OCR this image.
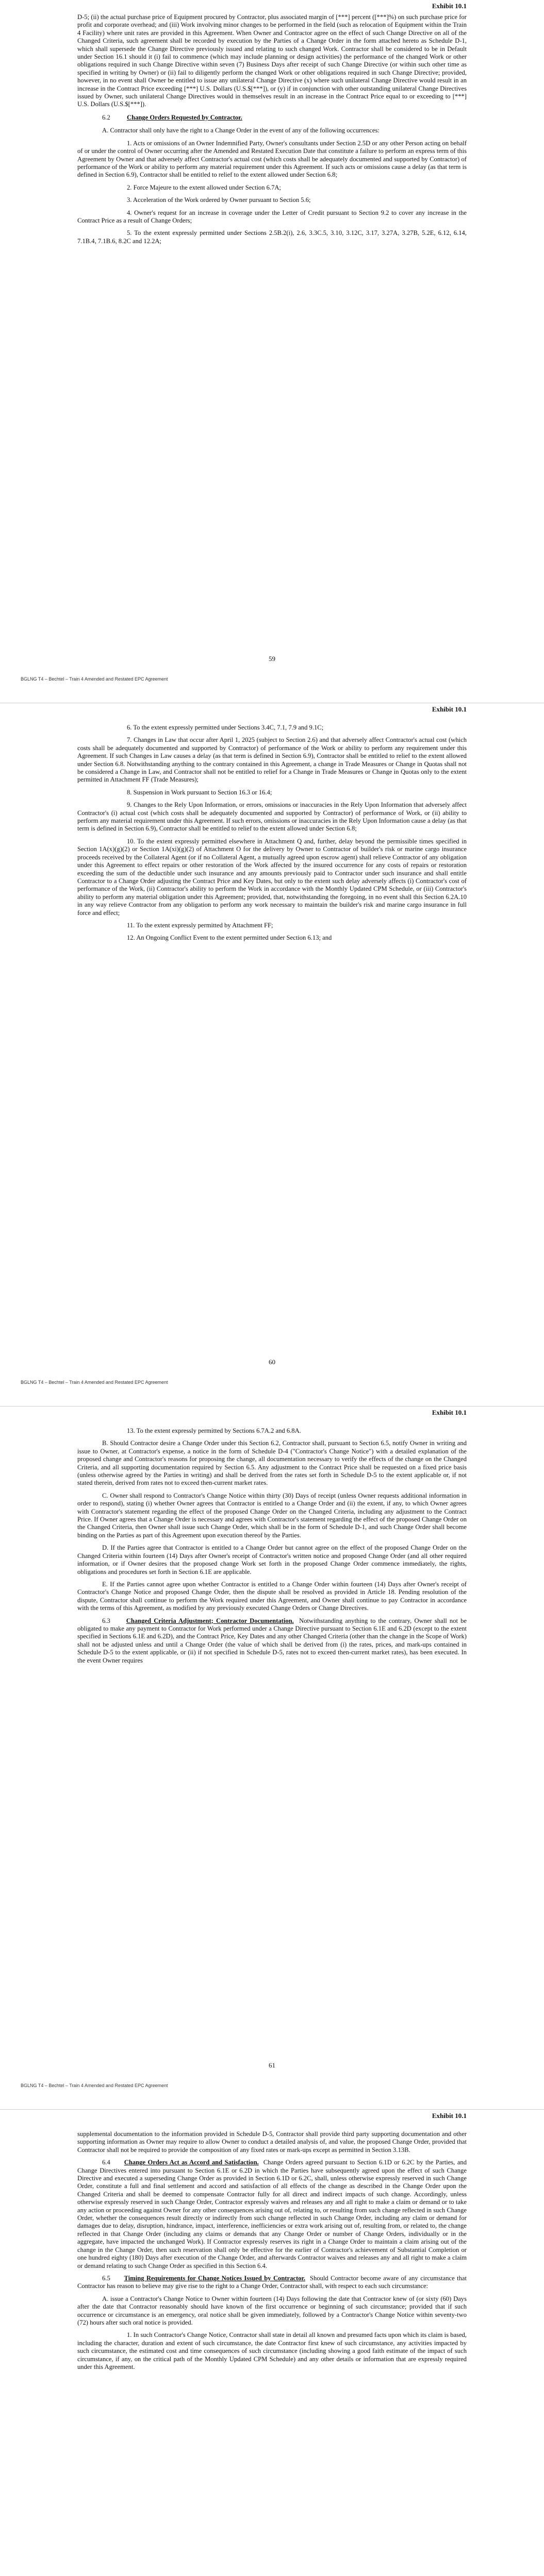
Exhibit 10.1

D-5; (ii) the actual purchase price of Equipment procured by Contractor, plus associated margin of [***] percent ([***]%) on such purchase price for profit and corporate overhead; and (iii) Work involving minor changes to be performed in the field (such as relocation of Equipment within the Train 4 Facility) where unit rates are provided in this Agreement. When Owner and Contractor agree on the effect of such Change Directive on all of the Changed Criteria, such agreement shall be recorded by execution by the Parties of a Change Order in the form attached hereto as Schedule D-1, which shall supersede the Change Directive previously issued and relating to such changed Work. Contractor shall be considered to be in Default under Section 16.1 should it (i) fail to commence (which may include planning or design activities) the performance of the changed Work or other obligations required in such Change Directive within seven (7) Business Days after receipt of such Change Directive (or within such other time as specified in writing by Owner) or (ii) fail to diligently perform the changed Work or other obligations required in such Change Directive; provided, however, in no event shall Owner be entitled to issue any unilateral Change Directive (x) where such unilateral Change Directive would result in an increase in the Contract Price exceeding [***] U.S. Dollars (U.S.$[***]), or (y) if in conjunction with other outstanding unilateral Change Directives issued by Owner, such unilateral Change Directives would in themselves result in an increase in the Contract Price equal to or exceeding to [***] U.S. Dollars (U.S.$[***]).

6.2	Change Orders Requested by Contractor.

A. Contractor shall only have the right to a Change Order in the event of any of the following occurrences:

1. Acts or omissions of an Owner Indemnified Party, Owner's consultants under Section 2.5D or any other Person acting on behalf of or under the control of Owner occurring after the Amended and Restated Execution Date that constitute a failure to perform an express term of this Agreement by Owner and that adversely affect Contractor's actual cost (which costs shall be adequately documented and supported by Contractor) of performance of the Work or ability to perform any material requirement under this Agreement. If such acts or omissions cause a delay (as that term is defined in Section 6.9), Contractor shall be entitled to relief to the extent allowed under Section 6.8;

2. Force Majeure to the extent allowed under Section 6.7A;

3. Acceleration of the Work ordered by Owner pursuant to Section 5.6;

4. Owner's request for an increase in coverage under the Letter of Credit pursuant to Section 9.2 to cover any increase in the Contract Price as a result of Change Orders;

5. To the extent expressly permitted under Sections 2.5B.2(i), 2.6, 3.3C.5, 3.10, 3.12C, 3.17, 3.27A, 3.27B, 5.2E, 6.12, 6.14, 7.1B.4, 7.1B.6, 8.2C and 12.2A;

59
BGLNG T4 – Bechtel – Train 4 Amended and Restated EPC Agreement
Exhibit 10.1

6. To the extent expressly permitted under Sections 3.4C, 7.1, 7.9 and 9.1C;

7. Changes in Law that occur after April 1, 2025 (subject to Section 2.6) and that adversely affect Contractor's actual cost (which costs shall be adequately documented and supported by Contractor) of performance of the Work or ability to perform any requirement under this Agreement. If such Changes in Law causes a delay (as that term is defined in Section 6.9), Contractor shall be entitled to relief to the extent allowed under Section 6.8. Notwithstanding anything to the contrary contained in this Agreement, a change in Trade Measures or Change in Quotas shall not be considered a Change in Law, and Contractor shall not be entitled to relief for a Change in Trade Measures or Change in Quotas only to the extent permitted in Attachment FF (Trade Measures);

8. Suspension in Work pursuant to Section 16.3 or 16.4;

9. Changes to the Rely Upon Information, or errors, omissions or inaccuracies in the Rely Upon Information that adversely affect Contractor's (i) actual cost (which costs shall be adequately documented and supported by Contractor) of performance of Work, or (ii) ability to perform any material requirement under this Agreement. If such errors, omissions or inaccuracies in the Rely Upon Information cause a delay (as that term is defined in Section 6.9), Contractor shall be entitled to relief to the extent allowed under Section 6.8;

10. To the extent expressly permitted elsewhere in Attachment Q and, further, delay beyond the permissible times specified in Section 1A(x)(g)(2) or Section 1A(xi)(g)(2) of Attachment O for the delivery by Owner to Contractor of builder's risk or marine cargo insurance proceeds received by the Collateral Agent (or if no Collateral Agent, a mutually agreed upon escrow agent) shall relieve Contractor of any obligation under this Agreement to effect repairs or other restoration of the Work affected by the insured occurrence for any costs of repairs or restoration exceeding the sum of the deductible under such insurance and any amounts previously paid to Contractor under such insurance and shall entitle Contractor to a Change Order adjusting the Contract Price and Key Dates, but only to the extent such delay adversely affects (i) Contractor's cost of performance of the Work, (ii) Contractor's ability to perform the Work in accordance with the Monthly Updated CPM Schedule, or (iii) Contractor's ability to perform any material obligation under this Agreement; provided, that, notwithstanding the foregoing, in no event shall this Section 6.2A.10 in any way relieve Contractor from any obligation to perform any work necessary to maintain the builder's risk and marine cargo insurance in full force and effect;

11. To the extent expressly permitted by Attachment FF;

12. An Ongoing Conflict Event to the extent permitted under Section 6.13; and

60
BGLNG T4 – Bechtel – Train 4 Amended and Restated EPC Agreement
Exhibit 10.1

13. To the extent expressly permitted by Sections 6.7A.2 and 6.8A.

B. Should Contractor desire a Change Order under this Section 6.2, Contractor shall, pursuant to Section 6.5, notify Owner in writing and issue to Owner, at Contractor's expense, a notice in the form of Schedule D-4 ("Contractor's Change Notice") with a detailed explanation of the proposed change and Contractor's reasons for proposing the change, all documentation necessary to verify the effects of the change on the Changed Criteria, and all supporting documentation required by Section 6.5. Any adjustment to the Contract Price shall be requested on a fixed price basis (unless otherwise agreed by the Parties in writing) and shall be derived from the rates set forth in Schedule D-5 to the extent applicable or, if not stated therein, derived from rates not to exceed then-current market rates.

C. Owner shall respond to Contractor's Change Notice within thirty (30) Days of receipt (unless Owner requests additional information in order to respond), stating (i) whether Owner agrees that Contractor is entitled to a Change Order and (ii) the extent, if any, to which Owner agrees with Contractor's statement regarding the effect of the proposed Change Order on the Changed Criteria, including any adjustment to the Contract Price. If Owner agrees that a Change Order is necessary and agrees with Contractor's statement regarding the effect of the proposed Change Order on the Changed Criteria, then Owner shall issue such Change Order, which shall be in the form of Schedule D-1, and such Change Order shall become binding on the Parties as part of this Agreement upon execution thereof by the Parties.

D. If the Parties agree that Contractor is entitled to a Change Order but cannot agree on the effect of the proposed Change Order on the Changed Criteria within fourteen (14) Days after Owner's receipt of Contractor's written notice and proposed Change Order (and all other required information, or if Owner desires that the proposed change Work set forth in the proposed Change Order commence immediately, the rights, obligations and procedures set forth in Section 6.1E are applicable.

E. If the Parties cannot agree upon whether Contractor is entitled to a Change Order within fourteen (14) Days after Owner's receipt of Contractor's Change Notice and proposed Change Order, then the dispute shall be resolved as provided in Article 18. Pending resolution of the dispute, Contractor shall continue to perform the Work required under this Agreement, and Owner shall continue to pay Contractor in accordance with the terms of this Agreement, as modified by any previously executed Change Orders or Change Directives.

6.3 Changed Criteria Adjustment; Contractor Documentation. Notwithstanding anything to the contrary, Owner shall not be obligated to make any payment to Contractor for Work performed under a Change Directive pursuant to Section 6.1E and 6.2D (except to the extent specified in Sections 6.1E and 6.2D), and the Contract Price, Key Dates and any other Changed Criteria (other than the change in the Scope of Work) shall not be adjusted unless and until a Change Order (the value of which shall be derived from (i) the rates, prices, and mark-ups contained in Schedule D-5 to the extent applicable, or (ii) if not specified in Schedule D-5, rates not to exceed then-current market rates), has been executed. In the event Owner requires

61
BGLNG T4 – Bechtel – Train 4 Amended and Restated EPC Agreement
Exhibit 10.1

supplemental documentation to the information provided in Schedule D-5, Contractor shall provide third party supporting documentation and other supporting information as Owner may require to allow Owner to conduct a detailed analysis of, and value, the proposed Change Order, provided that Contractor shall not be required to provide the composition of any fixed rates or mark-ups except as permitted in Section 3.13B.

6.4 Change Orders Act as Accord and Satisfaction. Change Orders agreed pursuant to Section 6.1D or 6.2C by the Parties, and Change Directives entered into pursuant to Section 6.1E or 6.2D in which the Parties have subsequently agreed upon the effect of such Change Directive and executed a superseding Change Order as provided in Section 6.1D or 6.2C, shall, unless otherwise expressly reserved in such Change Order, constitute a full and final settlement and accord and satisfaction of all effects of the change as described in the Change Order upon the Changed Criteria and shall be deemed to compensate Contractor fully for all direct and indirect impacts of such change. Accordingly, unless otherwise expressly reserved in such Change Order, Contractor expressly waives and releases any and all right to make a claim or demand or to take any action or proceeding against Owner for any other consequences arising out of, relating to, or resulting from such change reflected in such Change Order, whether the consequences result directly or indirectly from such change reflected in such Change Order, including any claim or demand for damages due to delay, disruption, hindrance, impact, interference, inefficiencies or extra work arising out of, resulting from, or related to, the change reflected in that Change Order (including any claims or demands that any Change Order or number of Change Orders, individually or in the aggregate, have impacted the unchanged Work). If Contractor expressly reserves its right in a Change Order to maintain a claim arising out of the change in the Change Order, then such reservation shall only be effective for the earlier of Contractor's achievement of Substantial Completion or one hundred eighty (180) Days after execution of the Change Order, and afterwards Contractor waives and releases any and all right to make a claim or demand relating to such Change Order as specified in this Section 6.4.

6.5 Timing Requirements for Change Notices Issued by Contractor. Should Contractor become aware of any circumstance that Contractor has reason to believe may give rise to the right to a Change Order, Contractor shall, with respect to each such circumstance:

A. issue a Contractor's Change Notice to Owner within fourteen (14) Days following the date that Contractor knew of (or sixty (60) Days after the date that Contractor reasonably should have known of the first occurrence or beginning of such circumstance; provided that if such occurrence or circumstance is an emergency, oral notice shall be given immediately, followed by a Contractor's Change Notice within seventy-two (72) hours after such oral notice is provided.

1. In such Contractor's Change Notice, Contractor shall state in detail all known and presumed facts upon which its claim is based, including the character, duration and extent of such circumstance, the date Contractor first knew of such circumstance, any activities impacted by such circumstance, the estimated cost and time consequences of such circumstance (including showing a good faith estimate of the impact of such circumstance, if any, on the critical path of the Monthly Updated CPM Schedule) and any other details or information that are expressly required under this Agreement.
